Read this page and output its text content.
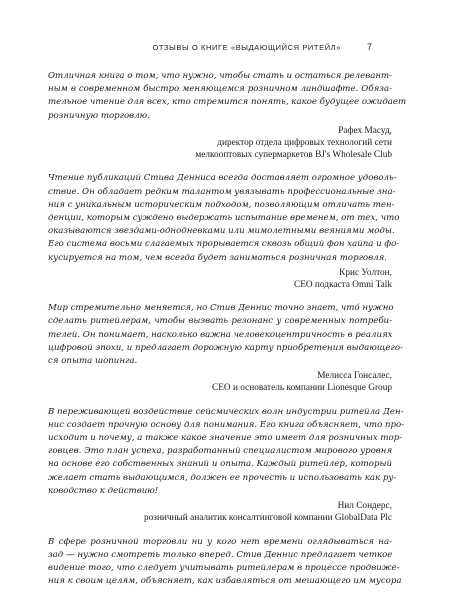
ОТЗЫВЫ О КНИГЕ «ВЫДАЮЩИЙСЯ РИТЕЙЛ»	7

Отличная книга о том, что нужно, чтобы стать и остаться релевант-
ным в современном быстро меняющемся розничном ландшафте. Обяза-
тельное чтение для всех, кто стремится понять, какое будущее ожидает
розничную торговлю.

Рафех Масуд,
директор отдела цифровых технологий сети
мелкооптовых супермаркетов BJ's Wholesale Club

Чтение публикаций Стива Денниса всегда доставляет огромное удоволь-
ствие. Он обладает редким талантом увязывать профессиональные зна-
ния с уникальным историческим подходом, позволяющим отличать тен-
денции, которым суждено выдержать испытание временем, от тех, что
оказываются звездами-однодневками или мимолетными веяниями моды.
Его система восьми слагаемых прорывается сквозь общий фон хайпа и фо-
кусируется на том, чем всегда будет заниматься розничная торговля.

Крис Уолтон,
CEO подкаста Omni Talk

Мир стремительно меняется, но Стив Деннис точно знает, что́ нужно
сделать ритейлерам, чтобы вызвать резонанс у современных потреби-
телей. Он понимает, насколько важна человекоцентричность в реалиях
цифровой эпохи, и предлагает дорожную карту приобретения выдающего-
ся опыта шопинга.

Мелисса Гонсалес,
CEO и основатель компании Lionesque Group

В переживающей воздействие сейсмических волн индустрии ритейла Ден-
нис создает прочную основу для понимания. Его книга объясняет, что про-
исходит и почему, а также какое значение это имеет для розничных тор-
говцев. Это план успеха, разработанный специалистом мирового уровня
на основе его собственных знаний и опыта. Каждый ритейлер, который
желает стать выдающимся, должен ее прочесть и использовать как ру-
ководство к действию!

Нил Сондерс,
розничный аналитик консалтинговой компании GlobalData Plc

В сфере розничной торговли ни у кого нет времени оглядываться на-
зад — нужно смотреть только вперед. Стив Деннис предлагает четкое
видение того, что следует учитывать ритейлерам в процессе продвиже-
ния к своим целям, объясняет, как избавляться от мешающего им мусора
